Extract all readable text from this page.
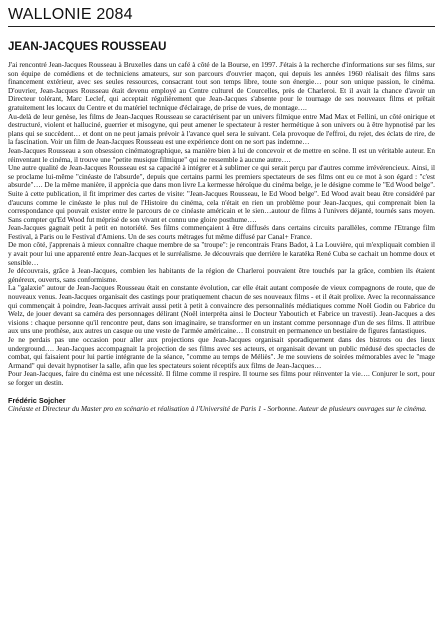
WALLONIE 2084
JEAN-JACQUES ROUSSEAU

J'ai rencontré Jean-Jacques Rousseau à Bruxelles dans un café à côté de la Bourse, en 1997. J'étais à la recherche d'informations sur ses films, sur son équipe de comédiens et de techniciens amateurs, sur son parcours d'ouvrier maçon, qui depuis les années 1960 réalisait des films sans financement extérieur, avec ses seules ressources, consacrant tout son temps libre, toute son énergie… pour son unique passion, le cinéma. D'ouvrier, Jean-Jacques Rousseau était devenu employé au Centre culturel de Courcelles, près de Charleroi. Et il avait la chance d'avoir un Directeur tolérant, Marc Leclef, qui acceptait régulièrement que Jean-Jacques s'absente pour le tournage de ses nouveaux films et prêtait gratuitement les locaux du Centre et du matériel technique d'éclairage, de prise de vues, de montage….

Au-delà de leur genèse, les films de Jean-Jacques Rousseau se caractérisent par un univers filmique entre Mad Max et Fellini, un côté onirique et destructuré, violent et halluciné, guerrier et misogyne, qui peut amener le spectateur à rester hermétique à son univers ou à être hypnotisé par les plans qui se succèdent… et dont on ne peut jamais prévoir à l'avance quel sera le suivant. Cela provoque de l'effroi, du rejet, des éclats de rire, de la fascination. Voir un film de Jean-Jacques Rousseau est une expérience dont on ne sort pas indemne…

Jean-Jacques Rousseau a son obsession cinématographique, sa manière bien à lui de concevoir et de mettre en scène. Il est un véritable auteur. En réinventant le cinéma, il trouve une "petite musique filmique" qui ne ressemble à aucune autre….

Une autre qualité de Jean-Jacques Rousseau est sa capacité à intégrer et à sublimer ce qui serait perçu par d'autres comme irrévérencieux. Ainsi, il se proclame lui-même "cinéaste de l'absurde", depuis que certains parmi les premiers spectateurs de ses films ont eu ce mot à son égard : "c'est absurde"…. De la même manière, il apprécia que dans mon livre La kermesse héroïque du cinéma belge, je le désigne comme le "Ed Wood belge". Suite à cette publication, il fit imprimer des cartes de visite: "Jean-Jacques Rousseau, le Ed Wood belge". Ed Wood avait beau être considéré par d'aucuns comme le cinéaste le plus nul de l'Histoire du cinéma, cela n'était en rien un problème pour Jean-Jacques, qui comprenait bien la correspondance qui pouvait exister entre le parcours de ce cinéaste américain et le sien…autour de films à l'univers déjanté, tournés sans moyen. Sans compter qu'Ed Wood fut méprisé de son vivant et connu une gloire posthume….

Jean-Jacques gagnait petit à petit en notoriété. Ses films commençaient à être diffusés dans certains circuits parallèles, comme l'Etrange film Festival, à Paris ou le Festival d'Amiens. Un de ses courts métrages fut même diffusé par Canal+ France.

De mon côté, j'apprenais à mieux connaître chaque membre de sa "troupe": je rencontrais Frans Badot, à La Louvière, qui m'expliquait combien il y avait pour lui une apparenté entre Jean-Jacques et le surréalisme. Je découvrais que derrière le karatéka René Cuba se cachait un homme doux et sensible…

Je découvrais, grâce à Jean-Jacques, combien les habitants de la région de Charleroi pouvaient être touchés par la grâce, combien ils étaient généreux, ouverts, sans conformisme.

La "galaxie" autour de Jean-Jacques Rousseau était en constante évolution, car elle était autant composée de vieux compagnons de route, que de nouveaux venus. Jean-Jacques organisait des castings pour pratiquement chacun de ses nouveaux films - et il était prolixe. Avec la reconnaissance qui commençait à poindre, Jean-Jacques arrivait aussi petit à petit à convaincre des personnalités médiatiques comme Noël Godin ou Fabrice du Welz, de jouer devant sa caméra des personnages délirant (Noël interpréta ainsi le Docteur Yaboutich et Fabrice un travesti). Jean-Jacques a des visions : chaque personne qu'il rencontre peut, dans son imaginaire, se transformer en un instant comme personnage d'un de ses films. Il attribue aux uns une prothèse, aux autres un casque ou une veste de l'armée américaine… Il construit en permanence un bestiaire de figures fantastiques.

Je ne perdais pas une occasion pour aller aux projections que Jean-Jacques organisait sporadiquement dans des bistrots ou des lieux underground…. Jean-Jacques accompagnait la projection de ses films avec ses acteurs, et organisait devant un public médusé des spectacles de combat, qui faisaient pour lui partie intégrante de la séance, "comme au temps de Méliès". Je me souviens de soirées mémorables avec le "mage Armand" qui devait hypnotiser la salle, afin que les spectateurs soient réceptifs aux films de Jean-Jacques…

Pour Jean-Jacques, faire du cinéma est une nécessité. Il filme comme il respire. Il tourne ses films pour réinventer la vie…. Conjurer le sort, pour se forger un destin.

Frédéric Sojcher
Cinéaste et Directeur du Master pro en scénario et réalisation à l'Université de Paris 1 - Sorbonne. Auteur de plusieurs ouvrages sur le cinéma.
